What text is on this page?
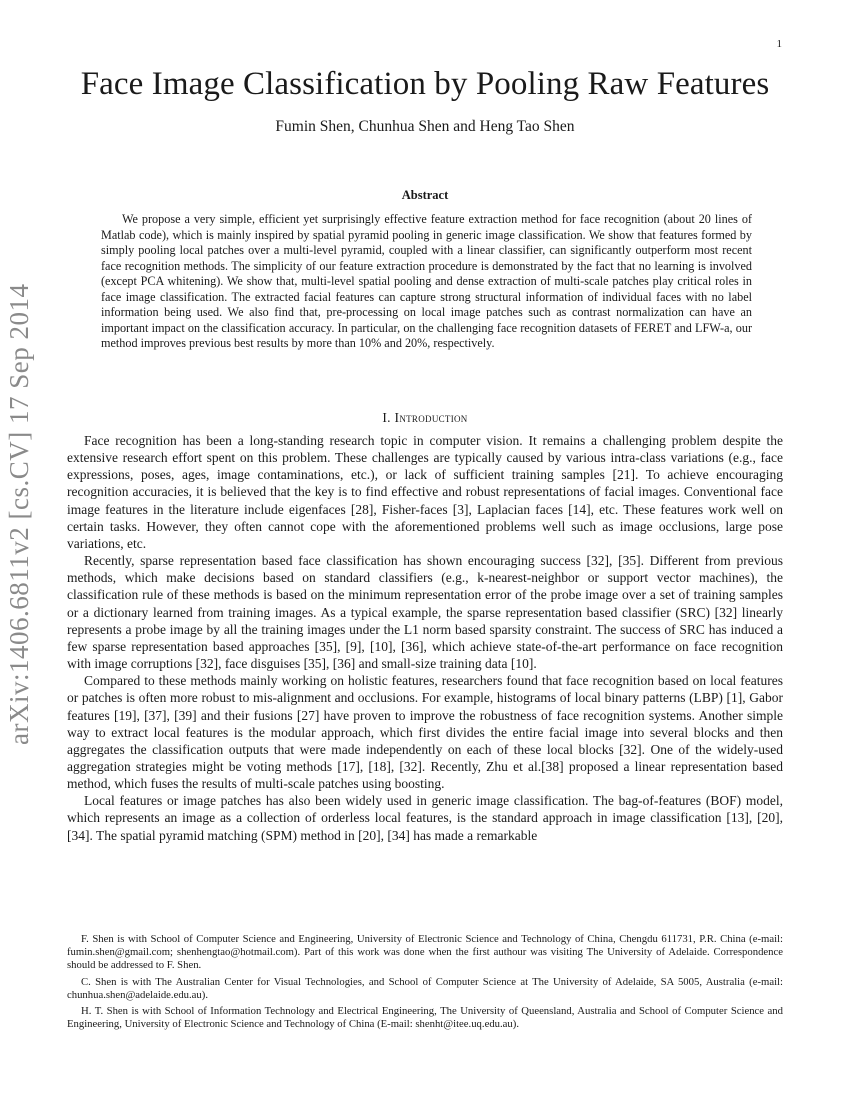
1
arXiv:1406.6811v2 [cs.CV] 17 Sep 2014
Face Image Classification by Pooling Raw Features
Fumin Shen, Chunhua Shen and Heng Tao Shen
Abstract

We propose a very simple, efficient yet surprisingly effective feature extraction method for face recognition (about 20 lines of Matlab code), which is mainly inspired by spatial pyramid pooling in generic image classification. We show that features formed by simply pooling local patches over a multi-level pyramid, coupled with a linear classifier, can significantly outperform most recent face recognition methods. The simplicity of our feature extraction procedure is demonstrated by the fact that no learning is involved (except PCA whitening). We show that, multi-level spatial pooling and dense extraction of multi-scale patches play critical roles in face image classification. The extracted facial features can capture strong structural information of individual faces with no label information being used. We also find that, pre-processing on local image patches such as contrast normalization can have an important impact on the classification accuracy. In particular, on the challenging face recognition datasets of FERET and LFW-a, our method improves previous best results by more than 10% and 20%, respectively.

I. Introduction

Face recognition has been a long-standing research topic in computer vision. It remains a challenging problem despite the extensive research effort spent on this problem. These challenges are typically caused by various intra-class variations (e.g., face expressions, poses, ages, image contaminations, etc.), or lack of sufficient training samples [21]. To achieve encouraging recognition accuracies, it is believed that the key is to find effective and robust representations of facial images. Conventional face image features in the literature include eigenfaces [28], Fisher-faces [3], Laplacian faces [14], etc. These features work well on certain tasks. However, they often cannot cope with the aforementioned problems well such as image occlusions, large pose variations, etc.

Recently, sparse representation based face classification has shown encouraging success [32], [35]. Different from previous methods, which make decisions based on standard classifiers (e.g., k-nearest-neighbor or support vector machines), the classification rule of these methods is based on the minimum representation error of the probe image over a set of training samples or a dictionary learned from training images. As a typical example, the sparse representation based classifier (SRC) [32] linearly represents a probe image by all the training images under the L1 norm based sparsity constraint. The success of SRC has induced a few sparse representation based approaches [35], [9], [10], [36], which achieve state-of-the-art performance on face recognition with image corruptions [32], face disguises [35], [36] and small-size training data [10].

Compared to these methods mainly working on holistic features, researchers found that face recognition based on local features or patches is often more robust to mis-alignment and occlusions. For example, histograms of local binary patterns (LBP) [1], Gabor features [19], [37], [39] and their fusions [27] have proven to improve the robustness of face recognition systems. Another simple way to extract local features is the modular approach, which first divides the entire facial image into several blocks and then aggregates the classification outputs that were made independently on each of these local blocks [32]. One of the widely-used aggregation strategies might be voting methods [17], [18], [32]. Recently, Zhu et al.[38] proposed a linear representation based method, which fuses the results of multi-scale patches using boosting.

Local features or image patches has also been widely used in generic image classification. The bag-of-features (BOF) model, which represents an image as a collection of orderless local features, is the standard approach in image classification [13], [20], [34]. The spatial pyramid matching (SPM) method in [20], [34] has made a remarkable

F. Shen is with School of Computer Science and Engineering, University of Electronic Science and Technology of China, Chengdu 611731, P.R. China (e-mail: fumin.shen@gmail.com; shenhengtao@hotmail.com). Part of this work was done when the first authour was visiting The University of Adelaide. Correspondence should be addressed to F. Shen.

C. Shen is with The Australian Center for Visual Technologies, and School of Computer Science at The University of Adelaide, SA 5005, Australia (e-mail: chunhua.shen@adelaide.edu.au).

H. T. Shen is with School of Information Technology and Electrical Engineering, The University of Queensland, Australia and School of Computer Science and Engineering, University of Electronic Science and Technology of China (E-mail: shenht@itee.uq.edu.au).
